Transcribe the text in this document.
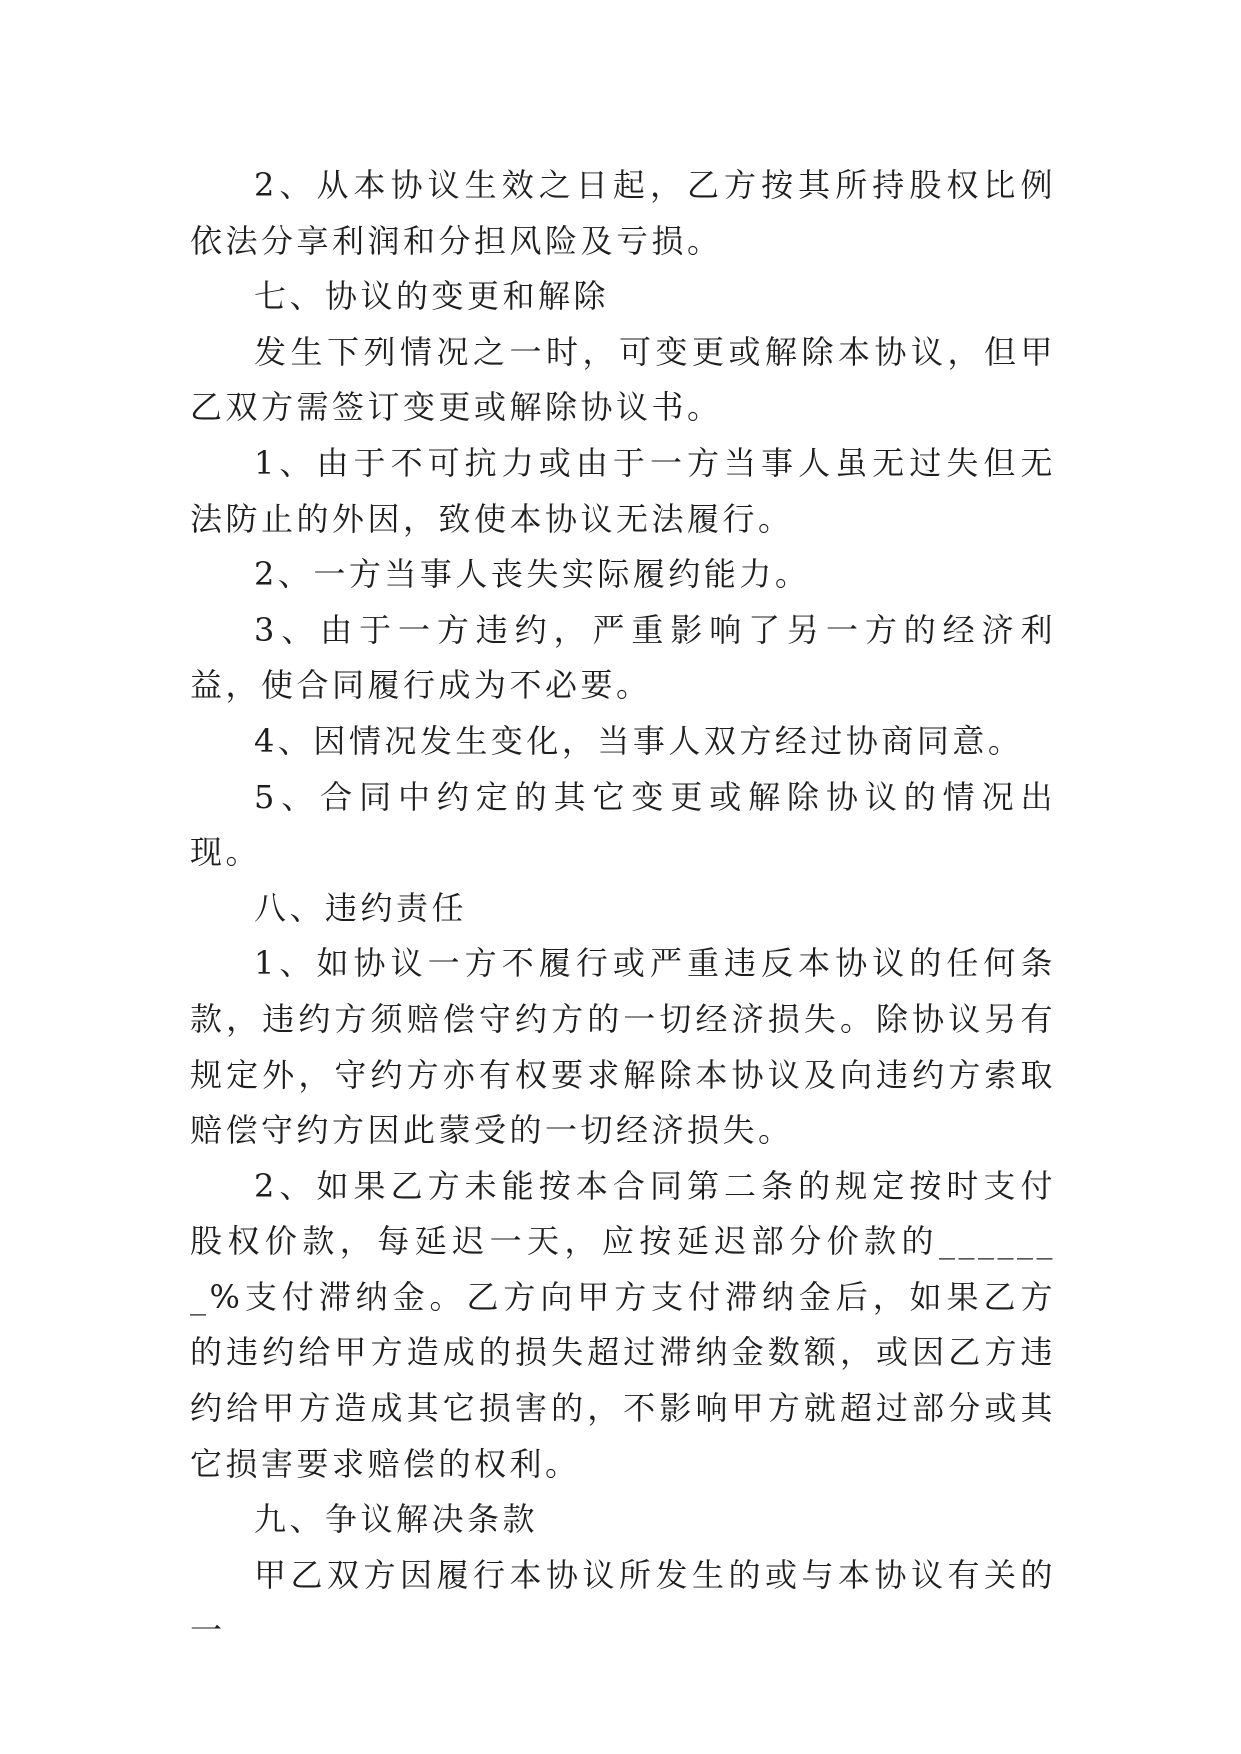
2、从本协议生效之日起，乙方按其所持股权比例依法分享利润和分担风险及亏损。

七、协议的变更和解除

发生下列情况之一时，可变更或解除本协议，但甲乙双方需签订变更或解除协议书。

1、由于不可抗力或由于一方当事人虽无过失但无法防止的外因，致使本协议无法履行。

2、一方当事人丧失实际履约能力。

3、由于一方违约，严重影响了另一方的经济利益，使合同履行成为不必要。

4、因情况发生变化，当事人双方经过协商同意。

5、合同中约定的其它变更或解除协议的情况出现。

八、违约责任

1、如协议一方不履行或严重违反本协议的任何条款，违约方须赔偿守约方的一切经济损失。除协议另有规定外，守约方亦有权要求解除本协议及向违约方索取赔偿守约方因此蒙受的一切经济损失。

2、如果乙方未能按本合同第二条的规定按时支付股权价款，每延迟一天，应按延迟部分价款的_______%支付滞纳金。乙方向甲方支付滞纳金后，如果乙方的违约给甲方造成的损失超过滞纳金数额，或因乙方违约给甲方造成其它损害的，不影响甲方就超过部分或其它损害要求赔偿的权利。

九、争议解决条款

甲乙双方因履行本协议所发生的或与本协议有关的一
